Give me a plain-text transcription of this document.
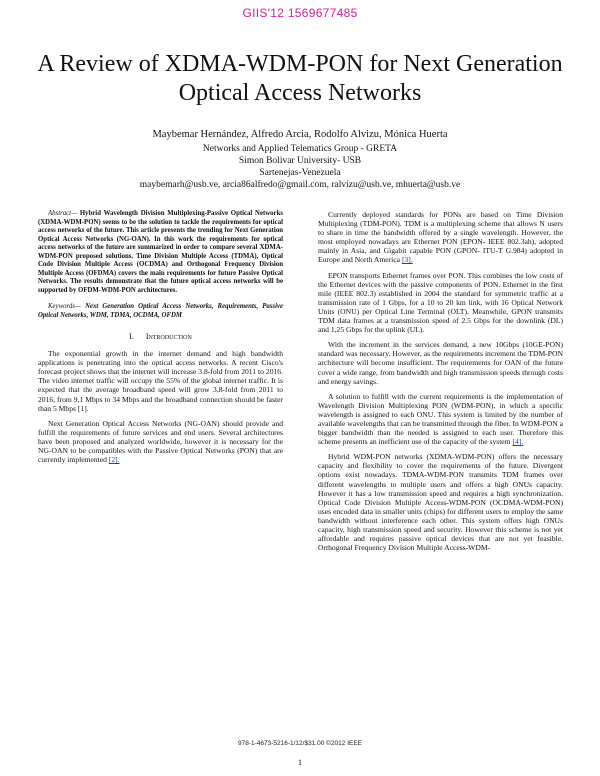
GIIS'12 1569677485
A Review of XDMA-WDM-PON for Next Generation
Optical Access Networks
Maybemar Hernández, Alfredo Arcia, Rodolfo Alvizu, Mónica Huerta
Networks and Applied Telematics Group - GRETA
Simon Bolivar University- USB
Sartenejas-Venezuela
maybemarh@usb.ve, arcia86alfredo@gmail.com, ralvizu@usb.ve, mhuerta@usb.ve

Abstract— Hybrid Wavelength Division Multiplexing-Passive Optical Networks (XDMA-WDM-PON) seems to be the solution to tackle the requirements for optical access networks of the future. This article presents the trending for Next Generation Optical Access Networks (NG-OAN). In this work the requirements for optical access networks of the future are summarized in order to compare several XDMA-WDM-PON proposed solutions. Time Division Multiple Access (TDMA), Optical Code Division Multiple Access (OCDMA) and Orthogonal Frequency Division Multiple Access (OFDMA) covers the main requirements for future Passive Optical Networks. The results demonstrate that the future optical access networks will be supported by OFDM-WDM-PON architectures.

Keywords— Next Generation Optical Access Networks, Requirements, Passive Optical Networks, WDM, TDMA, OCDMA, OFDM

I. Introduction

The exponential growth in the internet demand and high bandwidth applications is penetrating into the optical access networks. A recent Cisco's forecast project shows that the internet will increase 3.8-fold from 2011 to 2016. The video internet traffic will occupy the 55% of the global internet traffic. It is expected that the average broadband speed will grow 3,8-fold from 2011 to 2016, from 9,1 Mbps to 34 Mbps and the broadband connection should be faster than 5 Mbps [1].

Next Generation Optical Access Networks (NG-OAN) should provide and fulfill the requirements of future services and end users. Several architectures have been proposed and analyzed worldwide, however it is necessary for the NG-OAN to be compatibles with the Passive Optical Networks (PON) that are currently implemented [2].

Currently deployed standards for PONs are based on Time Division Multiplexing (TDM-PON). TDM is a multiplexing scheme that allows N users to share in time the bandwidth offered by a single wavelength. However, the most employed nowadays are Ethernet PON (EPON- IEEE 802.3ah), adopted mainly in Asia, and Gigabit capable PON (GPON- ITU-T G.984) adopted in Europe and North America [3].

EPON transports Ethernet frames over PON. This combines the low costs of the Ethernet devices with the passive components of PON. Ethernet in the first mile (IEEE 802.3) established in 2004 the standard for symmetric traffic at a transmission rate of 1 Gbps, for a 10 to 20 km link, with 16 Optical Network Units (ONU) per Optical Line Terminal (OLT). Meanwhile, GPON transmits TDM data frames at a transmission speed of 2.5 Gbps for the downlink (DL) and 1,25 Gbps for the uplink (UL).

With the increment in the services demand, a new 10Gbps (10GE-PON) standard was necessary. However, as the requirements increment the TDM-PON architecture will become insufficient. The requirements for OAN of the future cover a wide range, from bandwidth and high transmission speeds through costs and energy savings.

A solution to fulfill with the current requirements is the implementation of Wavelength Division Multiplexing PON (WDM-PON), in which a specific wavelength is assigned to each ONU. This system is limited by the number of available wavelengths that can be transmitted through the fiber. In WDM-PON a bigger bandwidth than the needed is assigned to each user. Therefore this scheme presents an inefficient use of the capacity of the system [4].

Hybrid WDM-PON networks (XDMA-WDM-PON) offers the necessary capacity and flexibility to cover the requirements of the future. Divergent options exist nowadays. TDMA-WDM-PON transmits TDM frames over different wavelengths to multiple users and offers a high ONUs capacity. However it has a low transmission speed and requires a high synchronization. Optical Code Division Multiple Access-WDM-PON (OCDMA-WDM-PON) uses encoded data in smaller units (chips) for different users to employ the same bandwidth without interference each other. This system offers high ONUs capacity, high transmission speed and security. However this scheme is not yet affordable and requires passive optical devices that are not yet feasible. Orthogonal Frequency Division Multiple Access-WDM-

978-1-4673-5216-1/12/$31.00 ©2012 IEEE
1
